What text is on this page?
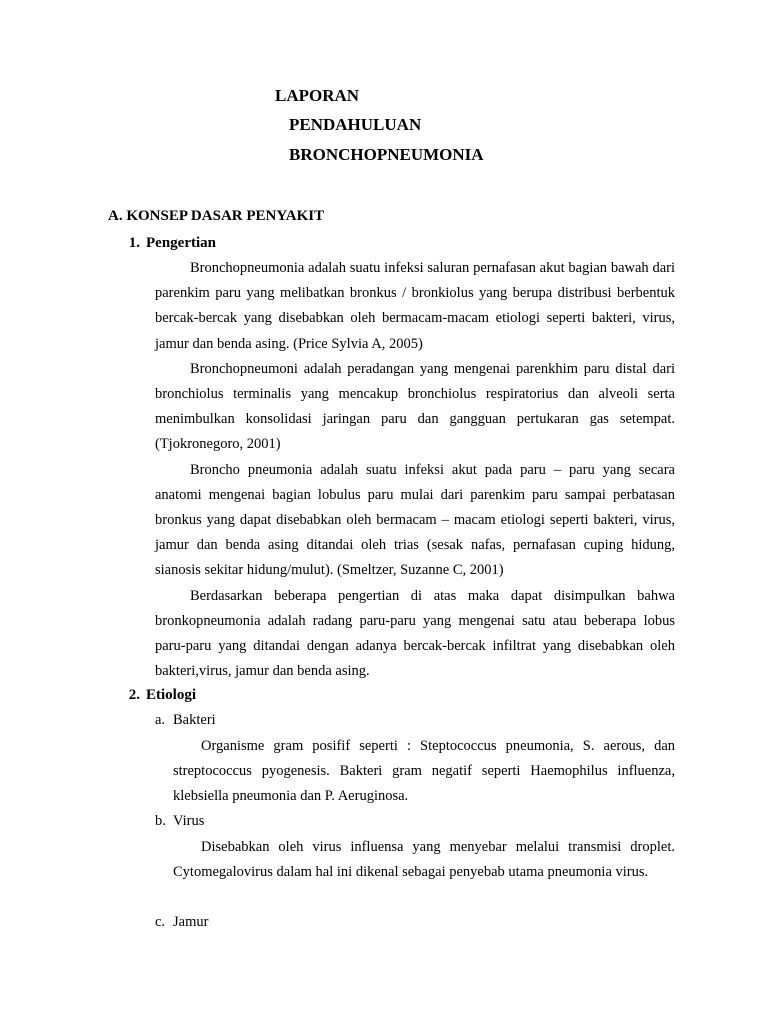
LAPORAN
PENDAHULUAN
BRONCHOPNEUMONIA
A. KONSEP DASAR PENYAKIT
1. Pengertian

Bronchopneumonia adalah suatu infeksi saluran pernafasan akut bagian bawah dari parenkim paru yang melibatkan bronkus / bronkiolus yang berupa distribusi berbentuk bercak-bercak yang disebabkan oleh bermacam-macam etiologi seperti bakteri, virus, jamur dan benda asing. (Price Sylvia A, 2005)

Bronchopneumoni adalah peradangan yang mengenai parenkhim paru distal dari bronchiolus terminalis yang mencakup bronchiolus respiratorius dan alveoli serta menimbulkan konsolidasi jaringan paru dan gangguan pertukaran gas setempat. (Tjokronegoro, 2001)

Broncho pneumonia adalah suatu infeksi akut pada paru – paru yang secara anatomi mengenai bagian lobulus paru mulai dari parenkim paru sampai perbatasan bronkus yang dapat disebabkan oleh bermacam – macam etiologi seperti bakteri, virus, jamur dan benda asing ditandai oleh trias (sesak nafas, pernafasan cuping hidung, sianosis sekitar hidung/mulut). (Smeltzer, Suzanne C, 2001)

Berdasarkan beberapa pengertian di atas maka dapat disimpulkan bahwa bronkopneumonia adalah radang paru-paru yang mengenai satu atau beberapa lobus paru-paru yang ditandai dengan adanya bercak-bercak infiltrat yang disebabkan oleh bakteri,virus, jamur dan benda asing.

2. Etiologi
a. Bakteri

Organisme gram posifif seperti : Steptococcus pneumonia, S. aerous, dan streptococcus pyogenesis. Bakteri gram negatif seperti Haemophilus influenza, klebsiella pneumonia dan P. Aeruginosa.

b. Virus

Disebabkan oleh virus influensa yang menyebar melalui transmisi droplet. Cytomegalovirus dalam hal ini dikenal sebagai penyebab utama pneumonia virus.

c. Jamur
